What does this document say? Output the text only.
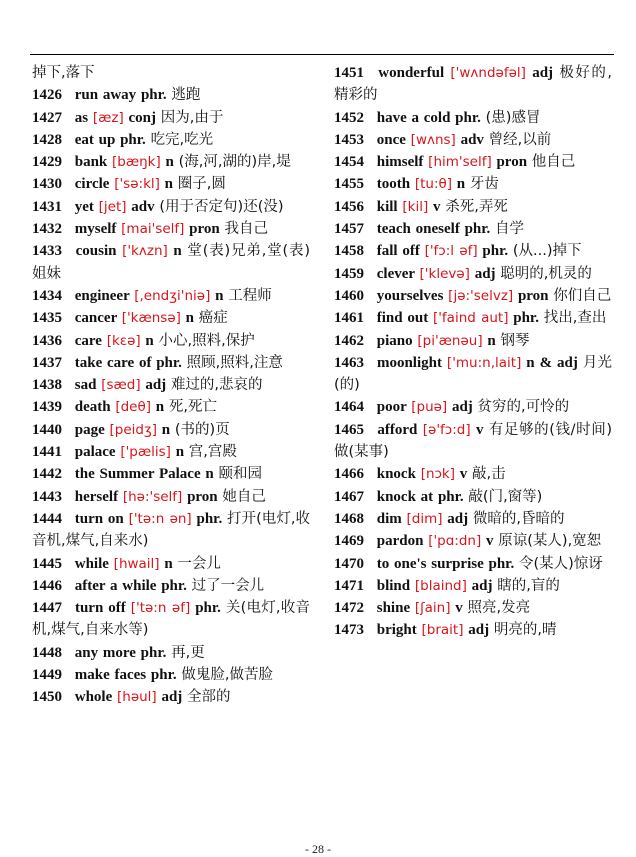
掉下,落下
1426 run away phr. 逃跑
1427 as [æz] conj 因为,由于
1428 eat up phr. 吃完,吃光
1429 bank [bæŋk] n (海,河,湖的)岸,堤
1430 circle ['sə:kl] n 圈子,圆
1431 yet [jet] adv (用于否定句)还(没)
1432 myself [mai'self] pron 我自己
1433 cousin ['kʌzn] n 堂(表)兄弟,堂(表)姐妹
1434 engineer [,endʒi'niə] n 工程师
1435 cancer ['kænsə] n 癌症
1436 care [kεə] n 小心,照料,保护
1437 take care of phr. 照顾,照料,注意
1438 sad [sæd] adj 难过的,悲哀的
1439 death [deθ] n 死,死亡
1440 page [peidʒ] n (书的)页
1441 palace ['pælis] n 宫,宫殿
1442 the Summer Palace n 颐和园
1443 herself [hə:'self] pron 她自己
1444 turn on ['tə:n ən] phr. 打开(电灯,收音机,煤气,自来水)
1445 while [hwail] n 一会儿
1446 after a while phr. 过了一会儿
1447 turn off ['tə:n əf] phr. 关(电灯,收音机,煤气,自来水等)
1448 any more phr. 再,更
1449 make faces phr. 做鬼脸,做苦脸
1450 whole [həul] adj 全部的
1451 wonderful ['wʌndəfəl] adj 极好的,精彩的
1452 have a cold phr. (患)感冒
1453 once [wʌns] adv 曾经,以前
1454 himself [him'self] pron 他自己
1455 tooth [tu:θ] n 牙齿
1456 kill [kil] v 杀死,弄死
1457 teach oneself phr. 自学
1458 fall off ['fɔ:l əf] phr. (从...)掉下
1459 clever ['klevə] adj 聪明的,机灵的
1460 yourselves [jə:'selvz] pron 你们自己
1461 find out ['faind aut] phr. 找出,查出
1462 piano [pi'ænəu] n 钢琴
1463 moonlight ['mu:n,lait] n & adj 月光(的)
1464 poor [puə] adj 贫穷的,可怜的
1465 afford [ə'fɔ:d] v 有足够的(钱/时间)做(某事)
1466 knock [nɔk] v 敲,击
1467 knock at phr. 敲(门,窗等)
1468 dim [dim] adj 微暗的,昏暗的
1469 pardon ['pɑ:dn] v 原谅(某人),宽恕
1470 to one's surprise phr. 令(某人)惊讶
1471 blind [blaind] adj 瞎的,盲的
1472 shine [ʃain] v 照亮,发亮
1473 bright [brait] adj 明亮的,晴
- 28 -
